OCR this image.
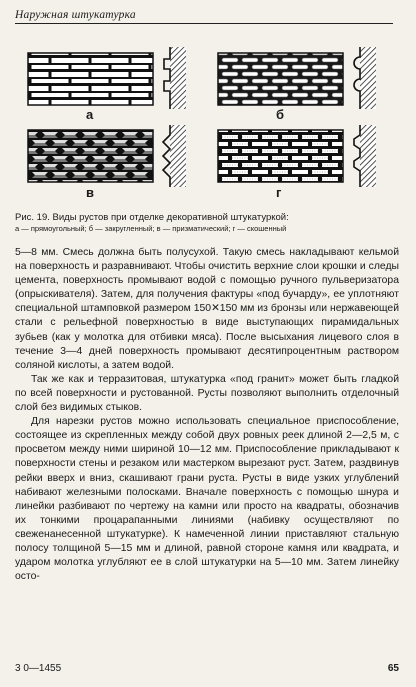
Наружная штукатурка
а	б
в	г
Рис. 19. Виды рустов при отделке декоративной штукатуркой:
а — прямоугольный; б — закругленный; в — призматический; г — скошенный

5—8 мм. Смесь должна быть полусухой. Такую смесь накладывают кельмой на поверхность и разравнивают. Чтобы очистить верхние слои крошки и следы цемента, поверхность промывают водой с помощью ручного пульверизатора (опрыскивателя). Затем, для получения фактуры «под бучарду», ее уплотняют специальной штамповкой размером 150✕150 мм из бронзы или нержавеющей стали с рельефной поверхностью в виде выступающих пирамидальных зубьев (как у молотка для отбивки мяса). После высыхания лицевого слоя в течение 3—4 дней поверхность промывают десятипроцентным раствором соляной кислоты, а затем водой.

Так же как и терразитовая, штукатурка «под гранит» может быть гладкой по всей поверхности и рустованной. Русты позволяют выполнить отделочный слой без видимых стыков.

Для нарезки рустов можно использовать специальное приспособление, состоящее из скрепленных между собой двух ровных реек длиной 2—2,5 м, с просветом между ними шириной 10—12 мм. Приспособление прикладывают к поверхности стены и резаком или мастерком вырезают руст. Затем, раздвинув рейки вверх и вниз, скашивают грани руста. Русты в виде узких углублений набивают железными полосками. Вначале поверхность с помощью шнура и линейки разбивают по чертежу на камни или просто на квадраты, обозначив их тонкими процарапанными линиями (набивку осуществляют по свеженанесенной штукатурке). К намеченной линии приставляют стальную полосу толщиной 5—15 мм и длиной, равной стороне камня или квадрата, и ударом молотка углубляют ее в слой штукатурки на 5—10 мм. Затем линейку осто-

3 0—1455	65
